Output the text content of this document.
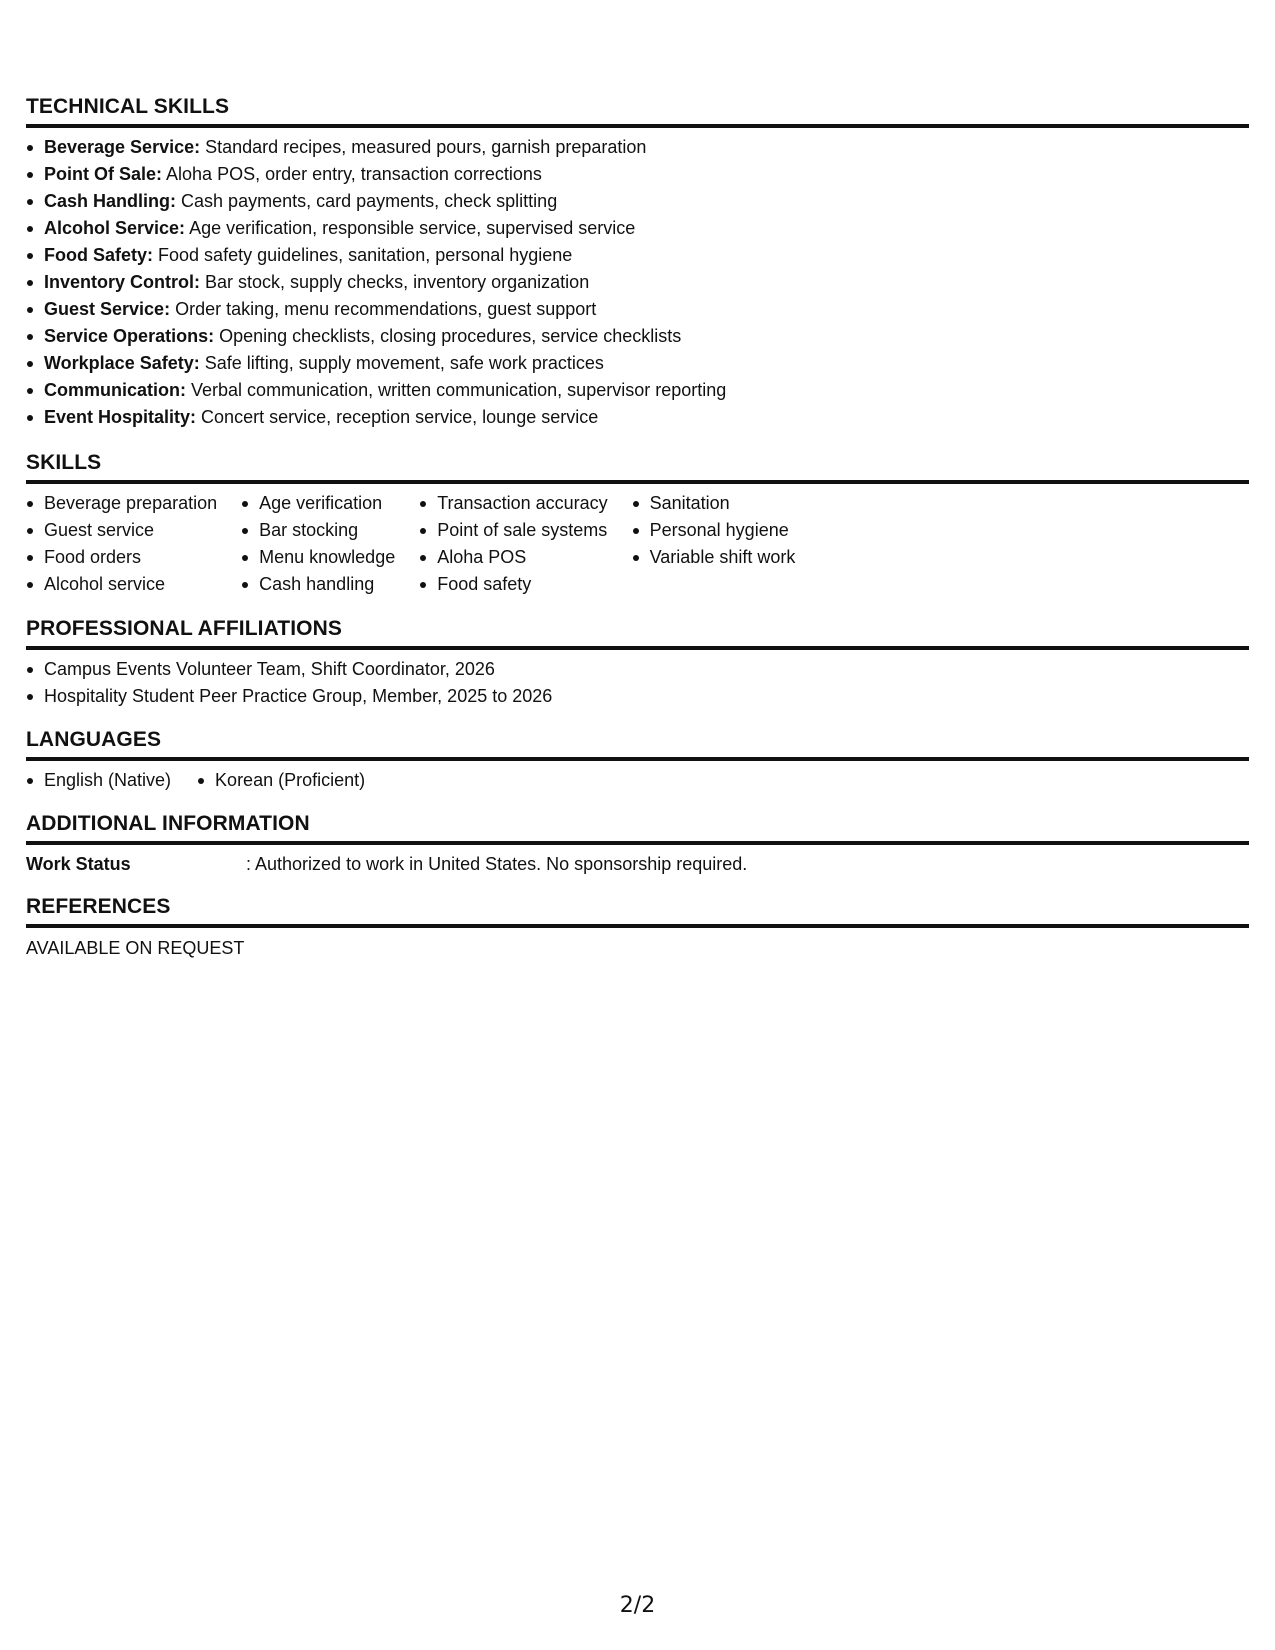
TECHNICAL SKILLS
Beverage Service: Standard recipes, measured pours, garnish preparation
Point Of Sale: Aloha POS, order entry, transaction corrections
Cash Handling: Cash payments, card payments, check splitting
Alcohol Service: Age verification, responsible service, supervised service
Food Safety: Food safety guidelines, sanitation, personal hygiene
Inventory Control: Bar stock, supply checks, inventory organization
Guest Service: Order taking, menu recommendations, guest support
Service Operations: Opening checklists, closing procedures, service checklists
Workplace Safety: Safe lifting, supply movement, safe work practices
Communication: Verbal communication, written communication, supervisor reporting
Event Hospitality: Concert service, reception service, lounge service
SKILLS
Beverage preparation
Guest service
Food orders
Alcohol service
Age verification
Bar stocking
Menu knowledge
Cash handling
Transaction accuracy
Point of sale systems
Aloha POS
Food safety
Sanitation
Personal hygiene
Variable shift work
PROFESSIONAL AFFILIATIONS
Campus Events Volunteer Team, Shift Coordinator, 2026
Hospitality Student Peer Practice Group, Member, 2025 to 2026
LANGUAGES
English (Native)	Korean (Proficient)
ADDITIONAL INFORMATION
Work Status	: Authorized to work in United States. No sponsorship required.
REFERENCES
AVAILABLE ON REQUEST
2/2
